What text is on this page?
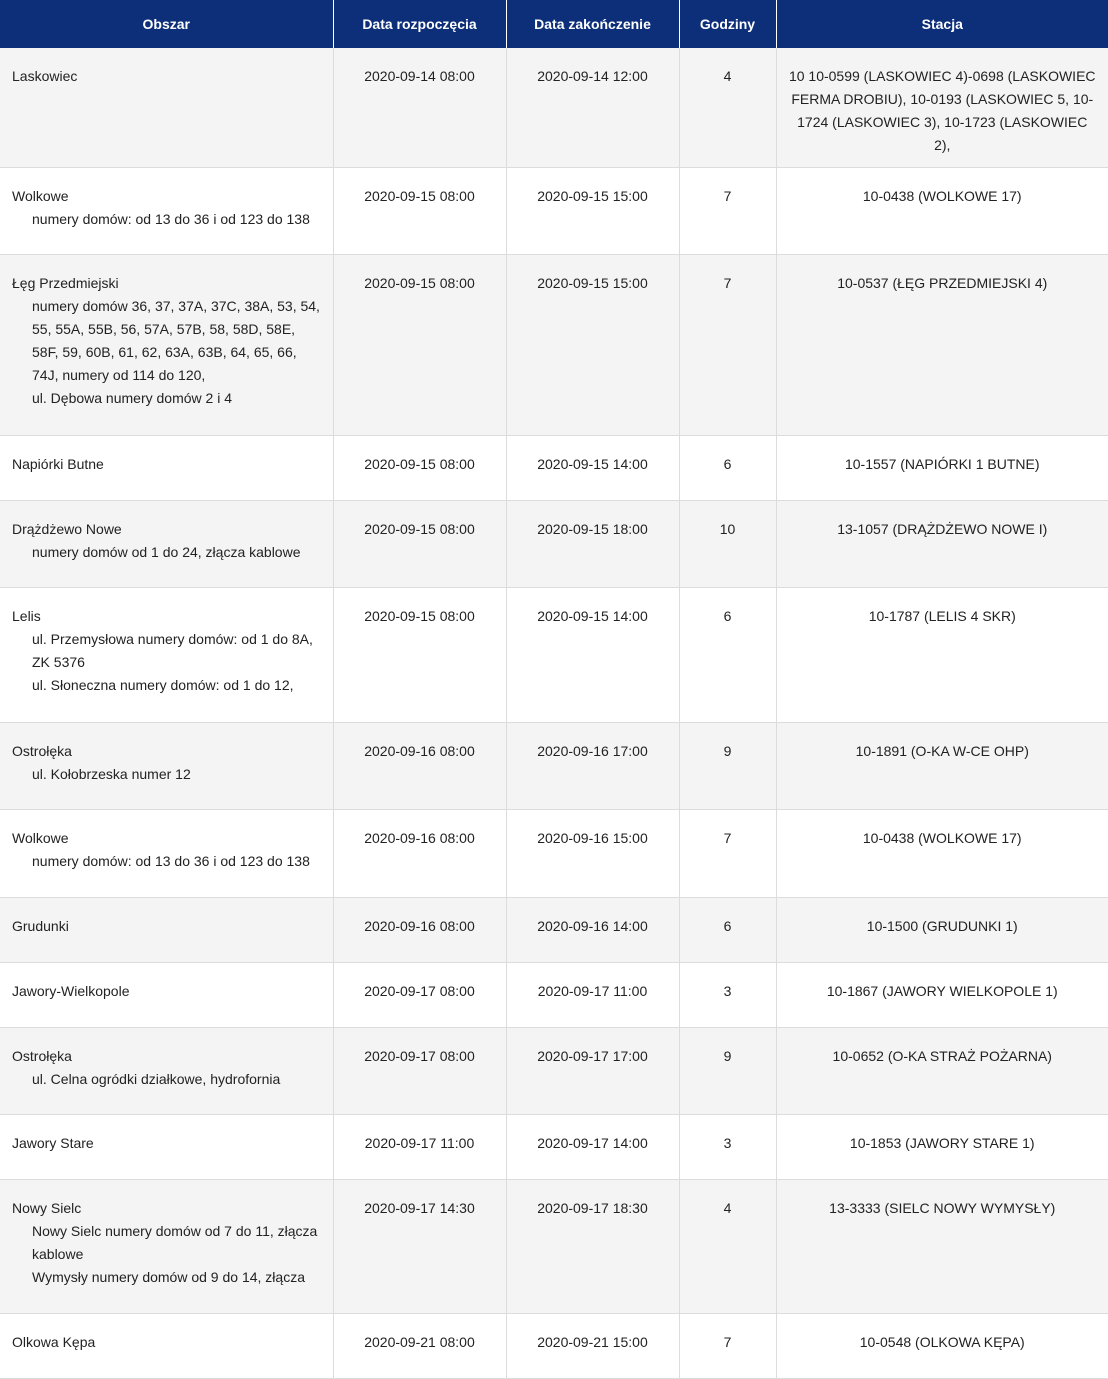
Obszar	Data rozpoczęcia	Data zakończenie	Godziny	Stacja

Laskowiec	2020-09-14 08:00	2020-09-14 12:00	4	10 10-0599 (LASKOWIEC 4)-0698 (LASKOWIEC FERMA DROBIU), 10-0193 (LASKOWIEC 5, 10-1724 (LASKOWIEC 3), 10-1723 (LASKOWIEC 2),

Wolkowe
numery domów: od 13 do 36 i od 123 do 138	2020-09-15 08:00	2020-09-15 15:00	7	10-0438 (WOLKOWE 17)

Łęg Przedmiejski
numery domów 36, 37, 37A, 37C, 38A, 53, 54, 55, 55A, 55B, 56, 57A, 57B, 58, 58D, 58E, 58F, 59, 60B, 61, 62, 63A, 63B, 64, 65, 66, 74J, numery od 114 do 120,
ul. Dębowa numery domów 2 i 4	2020-09-15 08:00	2020-09-15 15:00	7	10-0537 (ŁĘG PRZEDMIEJSKI 4)

Napiórki Butne	2020-09-15 08:00	2020-09-15 14:00	6	10-1557 (NAPIÓRKI 1 BUTNE)

Drążdżewo Nowe
numery domów od 1 do 24, złącza kablowe	2020-09-15 08:00	2020-09-15 18:00	10	13-1057 (DRĄŻDŻEWO NOWE I)

Lelis
ul. Przemysłowa numery domów: od 1 do 8A, ZK 5376
ul. Słoneczna numery domów: od 1 do 12,	2020-09-15 08:00	2020-09-15 14:00	6	10-1787 (LELIS 4 SKR)

Ostrołęka
ul. Kołobrzeska numer 12	2020-09-16 08:00	2020-09-16 17:00	9	10-1891 (O-KA W-CE OHP)

Wolkowe
numery domów: od 13 do 36 i od 123 do 138	2020-09-16 08:00	2020-09-16 15:00	7	10-0438 (WOLKOWE 17)

Grudunki	2020-09-16 08:00	2020-09-16 14:00	6	10-1500 (GRUDUNKI 1)

Jawory-Wielkopole	2020-09-17 08:00	2020-09-17 11:00	3	10-1867 (JAWORY WIELKOPOLE 1)

Ostrołęka
ul. Celna ogródki działkowe, hydrofornia	2020-09-17 08:00	2020-09-17 17:00	9	10-0652 (O-KA STRAŻ POŻARNA)

Jawory Stare	2020-09-17 11:00	2020-09-17 14:00	3	10-1853 (JAWORY STARE 1)

Nowy Sielc
Nowy Sielc numery domów od 7 do 11, złącza kablowe
Wymysły numery domów od 9 do 14, złącza	2020-09-17 14:30	2020-09-17 18:30	4	13-3333 (SIELC NOWY WYMYSŁY)

Olkowa Kępa	2020-09-21 08:00	2020-09-21 15:00	7	10-0548 (OLKOWA KĘPA)
